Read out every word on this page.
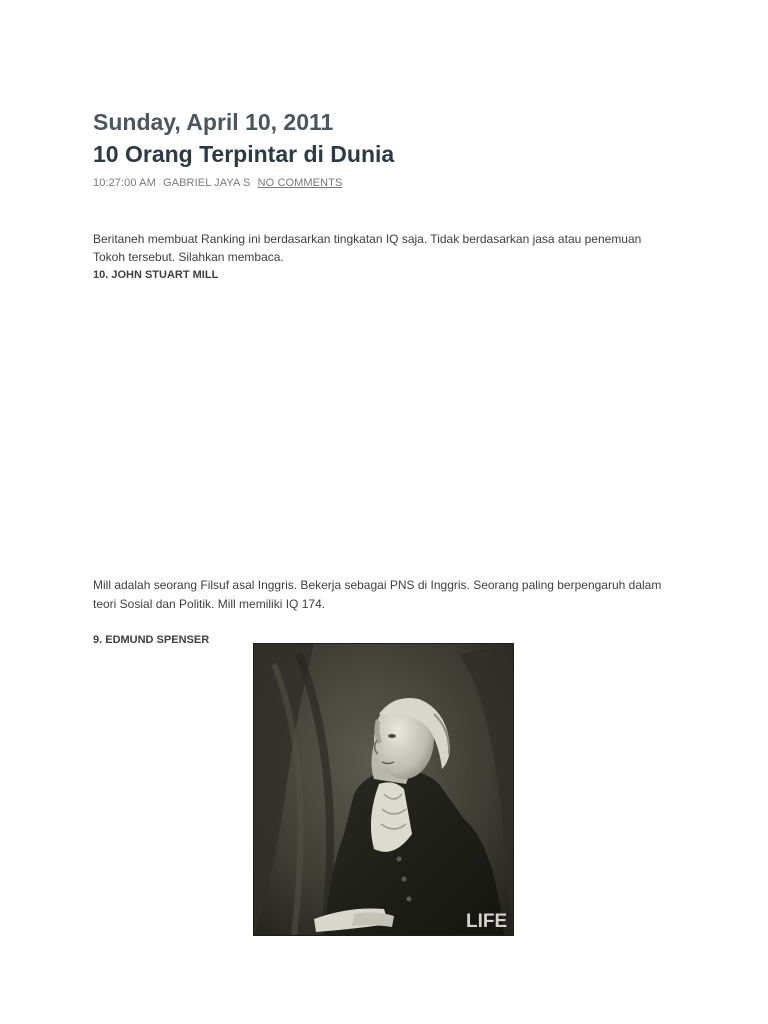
Sunday, April 10, 2011
10 Orang Terpintar di Dunia
10:27:00 AM GABRIEL JAYA S NO COMMENTS
Beritaneh membuat Ranking ini berdasarkan tingkatan IQ saja. Tidak berdasarkan jasa atau penemuan Tokoh tersebut. Silahkan membaca.
10. JOHN STUART MILL
Mill adalah seorang Filsuf asal Inggris. Bekerja sebagai PNS di Inggris. Seorang paling berpengaruh dalam teori Sosial dan Politik. Mill memiliki IQ 174.
9. EDMUND SPENSER
LIFE
